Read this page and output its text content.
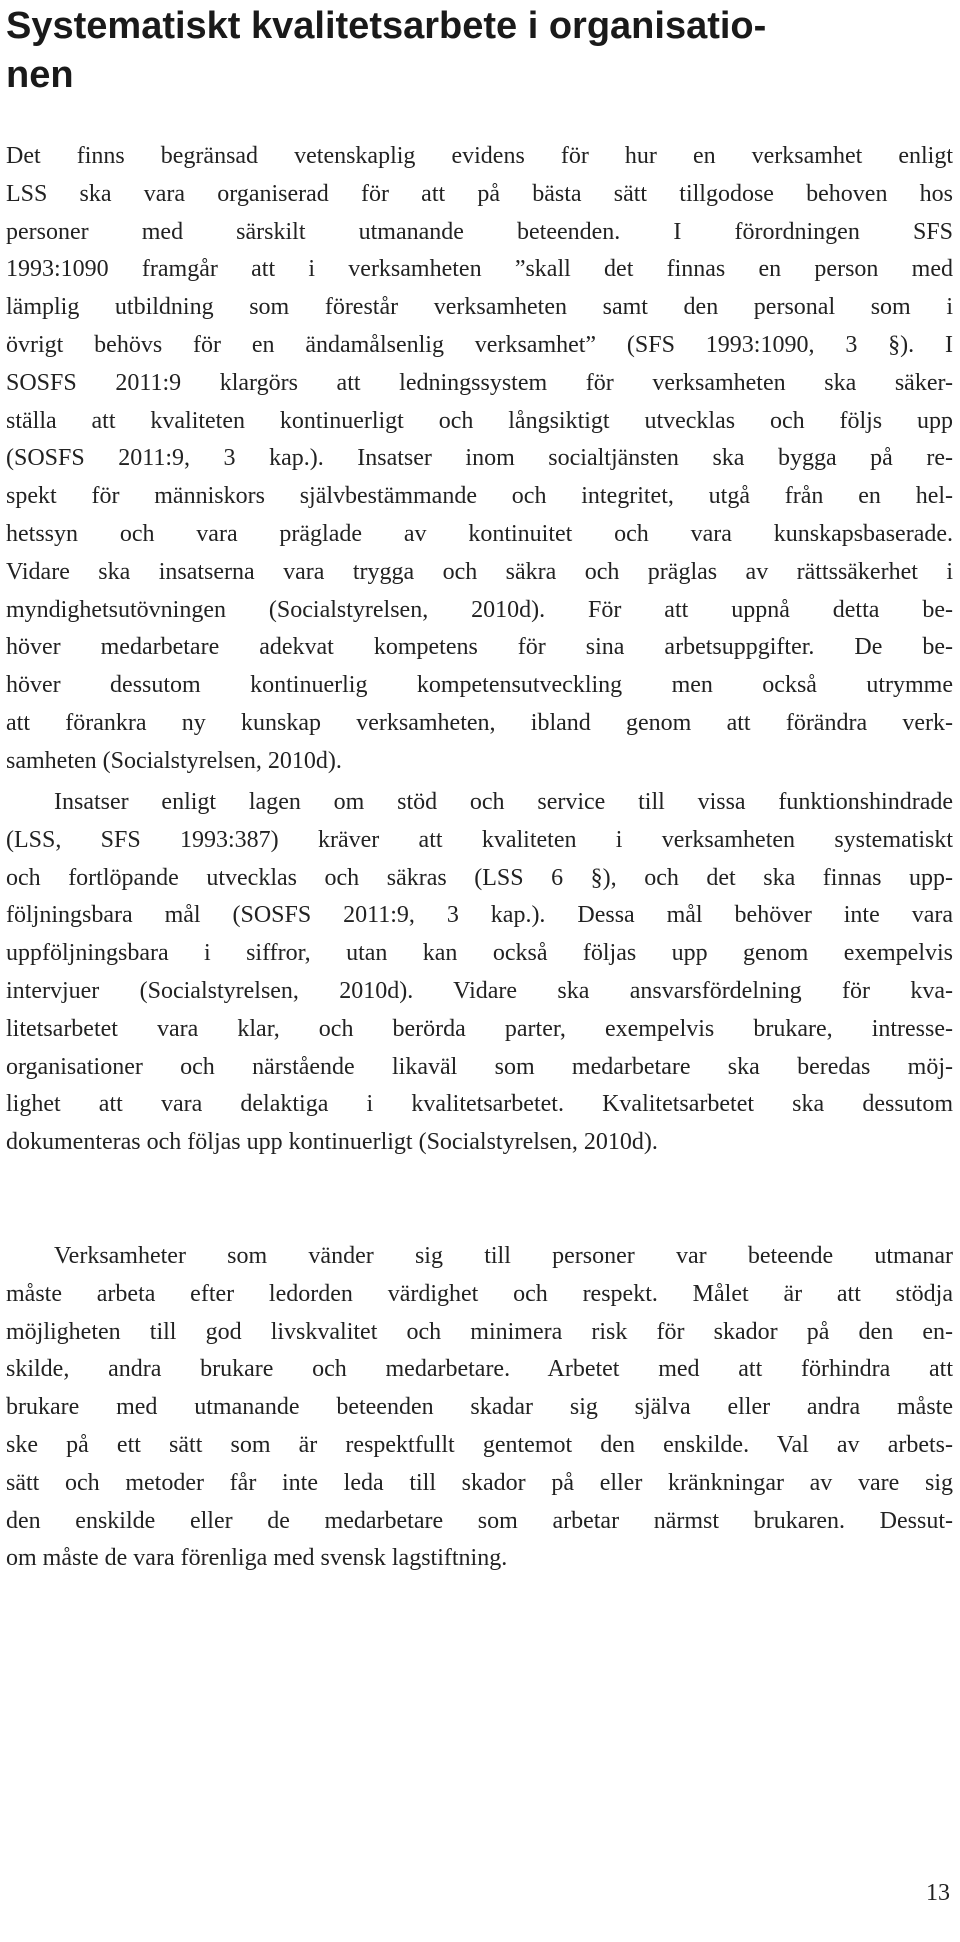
Systematiskt kvalitetsarbete i organisatio-
nen
Det finns begränsad vetenskaplig evidens för hur en verksamhet enligt
LSS ska vara organiserad för att på bästa sätt tillgodose behoven hos
personer med särskilt utmanande beteenden. I förordningen SFS
1993:1090 framgår att i verksamheten ”skall det finnas en person med
lämplig utbildning som förestår verksamheten samt den personal som i
övrigt behövs för en ändamålsenlig verksamhet” (SFS 1993:1090, 3 §). I
SOSFS 2011:9 klargörs att ledningssystem för verksamheten ska säker-
ställa att kvaliteten kontinuerligt och långsiktigt utvecklas och följs upp
(SOSFS 2011:9, 3 kap.). Insatser inom socialtjänsten ska bygga på re-
spekt för människors självbestämmande och integritet, utgå från en hel-
hetssyn och vara präglade av kontinuitet och vara kunskapsbaserade.
Vidare ska insatserna vara trygga och säkra och präglas av rättssäkerhet i
myndighetsutövningen (Socialstyrelsen, 2010d). För att uppnå detta be-
höver medarbetare adekvat kompetens för sina arbetsuppgifter. De be-
höver dessutom kontinuerlig kompetensutveckling men också utrymme
att förankra ny kunskap verksamheten, ibland genom att förändra verk-
samheten (Socialstyrelsen, 2010d).
Insatser enligt lagen om stöd och service till vissa funktionshindrade
(LSS, SFS 1993:387) kräver att kvaliteten i verksamheten systematiskt
och fortlöpande utvecklas och säkras (LSS 6 §), och det ska finnas upp-
följningsbara mål (SOSFS 2011:9, 3 kap.). Dessa mål behöver inte vara
uppföljningsbara i siffror, utan kan också följas upp genom exempelvis
intervjuer (Socialstyrelsen, 2010d). Vidare ska ansvarsfördelning för kva-
litetsarbetet vara klar, och berörda parter, exempelvis brukare, intresse-
organisationer och närstående likaväl som medarbetare ska beredas möj-
lighet att vara delaktiga i kvalitetsarbetet. Kvalitetsarbetet ska dessutom
dokumenteras och följas upp kontinuerligt (Socialstyrelsen, 2010d).
Verksamheter som vänder sig till personer var beteende utmanar
måste arbeta efter ledorden värdighet och respekt. Målet är att stödja
möjligheten till god livskvalitet och minimera risk för skador på den en-
skilde, andra brukare och medarbetare. Arbetet med att förhindra att
brukare med utmanande beteenden skadar sig själva eller andra måste
ske på ett sätt som är respektfullt gentemot den enskilde. Val av arbets-
sätt och metoder får inte leda till skador på eller kränkningar av vare sig
den enskilde eller de medarbetare som arbetar närmst brukaren. Dessut-
om måste de vara förenliga med svensk lagstiftning.
13
